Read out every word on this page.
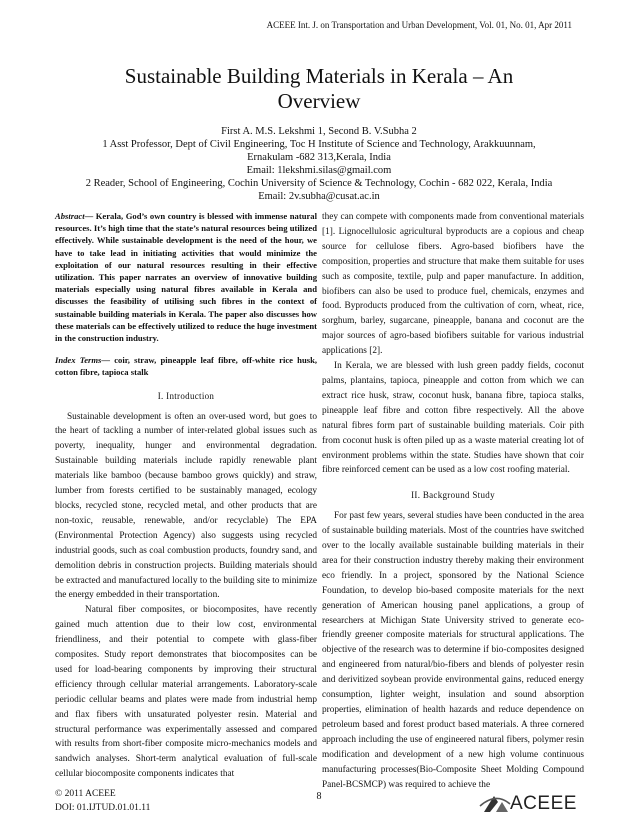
ACEEE Int. J. on Transportation and Urban Development, Vol. 01, No. 01, Apr 2011
Sustainable Building Materials in Kerala – An
Overview
First A. M.S. Lekshmi 1, Second B. V.Subha 2
1 Asst Professor, Dept of Civil Engineering, Toc H Institute of Science and Technology, Arakkuunnam,
Ernakulam -682 313,Kerala, India
Email: 1lekshmi.silas@gmail.com
2 Reader, School of Engineering, Cochin University of Science & Technology, Cochin - 682 022, Kerala, India
Email: 2v.subha@cusat.ac.in

Abstract— Kerala, God’s own country is blessed with immense natural resources. It’s high time that the state’s natural resources being utilized effectively. While sustainable development is the need of the hour, we have to take lead in initiating activities that would minimize the exploitation of our natural resources resulting in their effective utilization. This paper narrates an overview of innovative building materials especially using natural fibres available in Kerala and discusses the feasibility of utilising such fibres in the context of sustainable building materials in Kerala. The paper also discusses how these materials can be effectively utilized to reduce the huge investment in the construction industry.

Index Terms— coir, straw, pineapple leaf fibre, off-white rice husk, cotton fibre, tapioca stalk

I. Introduction

Sustainable development is often an over-used word, but goes to the heart of tackling a number of inter-related global issues such as poverty, inequality, hunger and environmental degradation. Sustainable building materials include rapidly renewable plant materials like bamboo (because bamboo grows quickly) and straw, lumber from forests certified to be sustainably managed, ecology blocks, recycled stone, recycled metal, and other products that are non-toxic, reusable, renewable, and/or recyclable) The EPA (Environmental Protection Agency) also suggests using recycled industrial goods, such as coal combustion products, foundry sand, and demolition debris in construction projects. Building materials should be extracted and manufactured locally to the building site to minimize the energy embedded in their transportation.

Natural fiber composites, or biocomposites, have recently gained much attention due to their low cost, environmental friendliness, and their potential to compete with glass-fiber composites. Study report demonstrates that biocomposites can be used for load-bearing components by improving their structural efficiency through cellular material arrangements. Laboratory-scale periodic cellular beams and plates were made from industrial hemp and flax fibers with unsaturated polyester resin. Material and structural performance was experimentally assessed and compared with results from short-fiber composite micro-mechanics models and sandwich analyses. Short-term analytical evaluation of full-scale cellular biocomposite components indicates that

they can compete with components made from conventional materials [1]. Lignocellulosic agricultural byproducts are a copious and cheap source for cellulose fibers. Agro-based biofibers have the composition, properties and structure that make them suitable for uses such as composite, textile, pulp and paper manufacture. In addition, biofibers can also be used to produce fuel, chemicals, enzymes and food. Byproducts produced from the cultivation of corn, wheat, rice, sorghum, barley, sugarcane, pineapple, banana and coconut are the major sources of agro-based biofibers suitable for various industrial applications [2].

In Kerala, we are blessed with lush green paddy fields, coconut palms, plantains, tapioca, pineapple and cotton from which we can extract rice husk, straw, coconut husk, banana fibre, tapioca stalks, pineapple leaf fibre and cotton fibre respectively. All the above natural fibres form part of sustainable building materials. Coir pith from coconut husk is often piled up as a waste material creating lot of environment problems within the state. Studies have shown that coir fibre reinforced cement can be used as a low cost roofing material.

II. Background Study

For past few years, several studies have been conducted in the area of sustainable building materials. Most of the countries have switched over to the locally available sustainable building materials in their area for their construction industry thereby making their environment eco friendly. In a project, sponsored by the National Science Foundation, to develop bio-based composite materials for the next generation of American housing panel applications, a group of researchers at Michigan State University strived to generate eco-friendly greener composite materials for structural applications. The objective of the research was to determine if bio-composites designed and engineered from natural/bio-fibers and blends of polyester resin and derivitized soybean provide environmental gains, reduced energy consumption, lighter weight, insulation and sound absorption properties, elimination of health hazards and reduce dependence on petroleum based and forest product based materials. A three cornered approach including the use of engineered natural fibers, polymer resin modification and development of a new high volume continuous manufacturing processes(Bio-Composite Sheet Molding Compound Panel-BCSMCP) was required to achieve the

© 2011 ACEEE
DOI: 01.IJTUD.01.01.11
8	ACEEE
